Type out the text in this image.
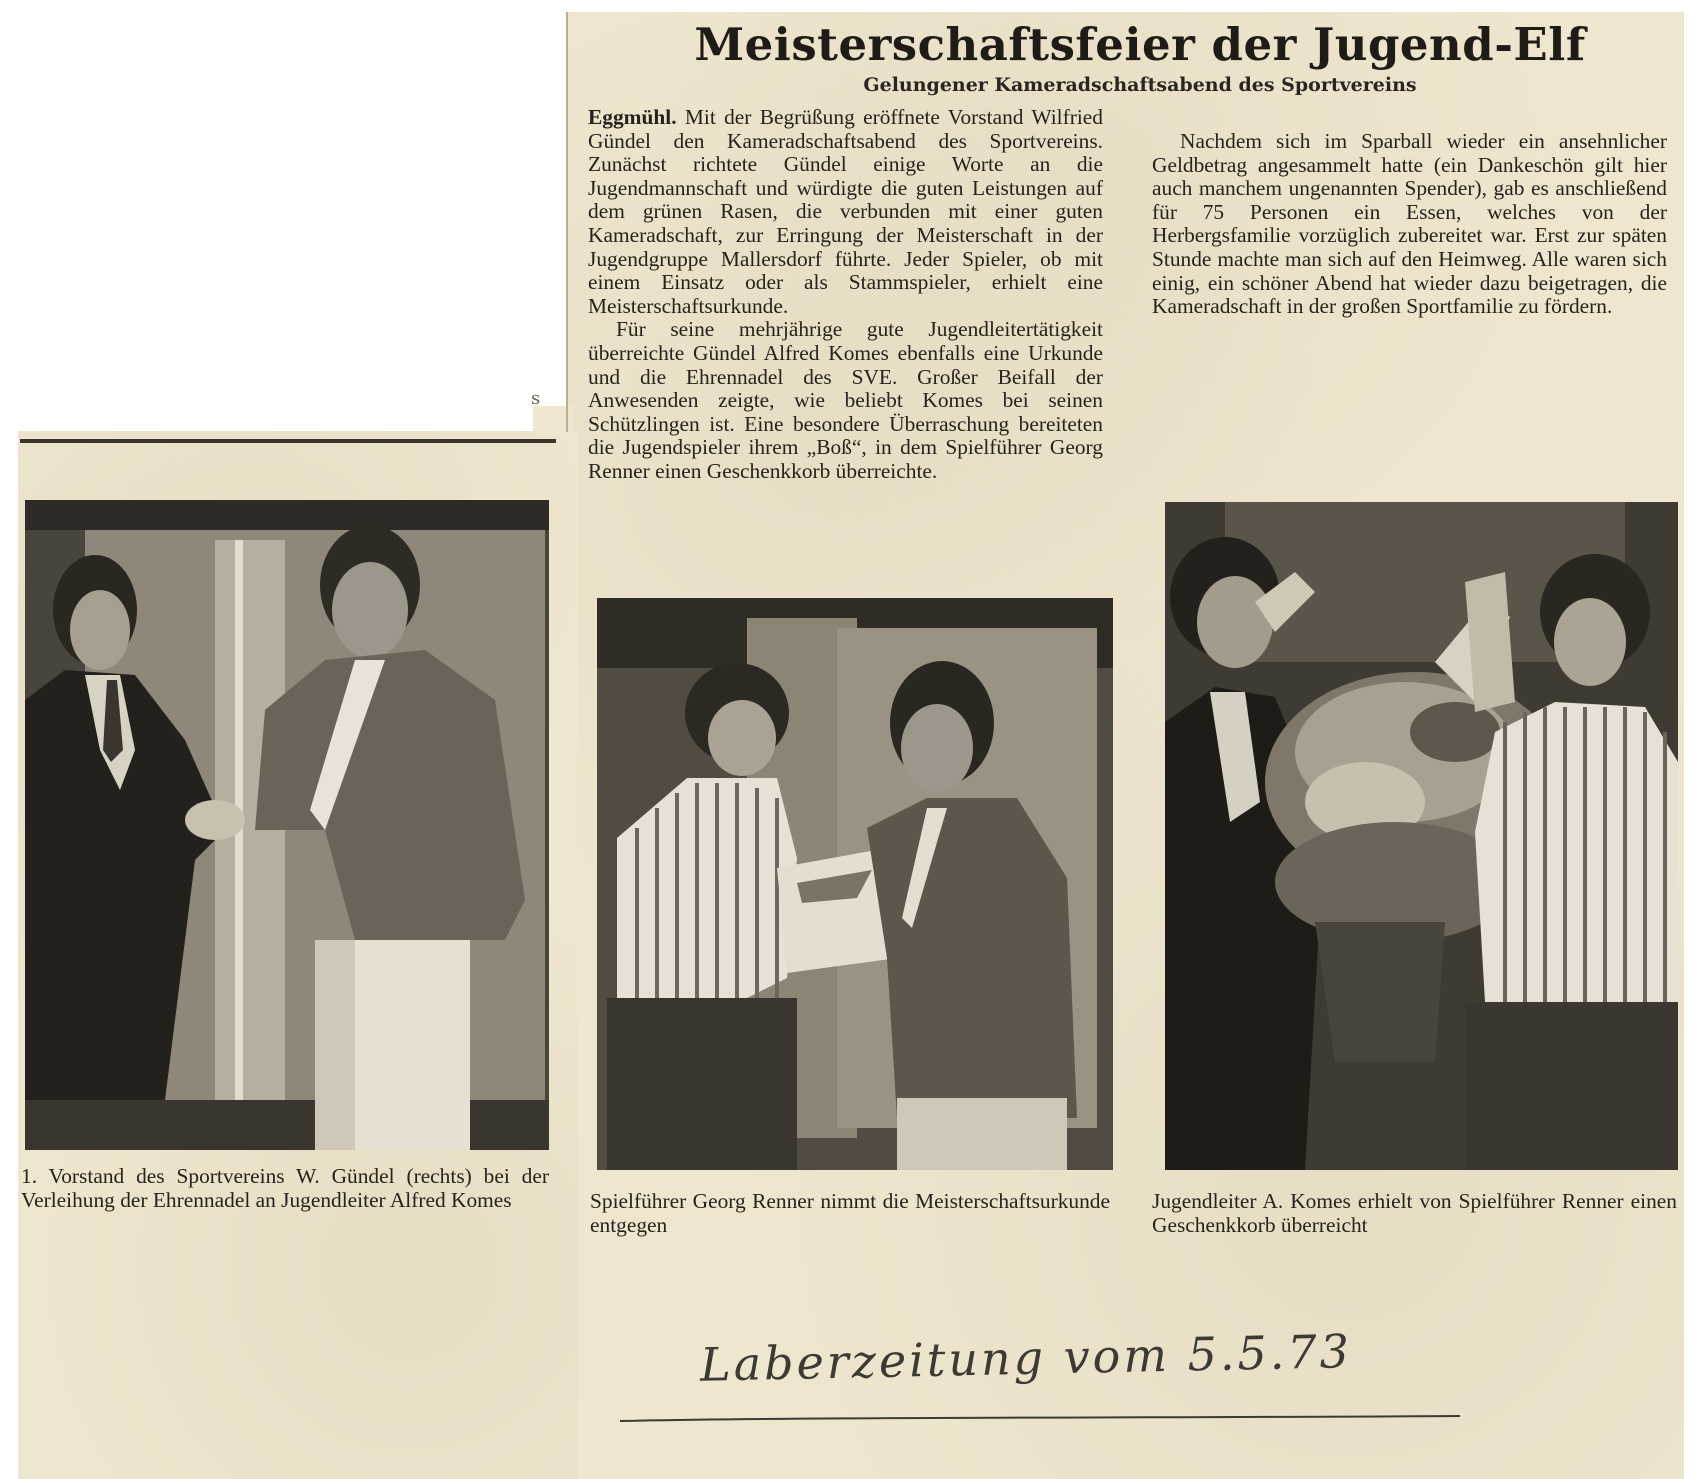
s
Meisterschaftsfeier der Jugend-Elf
Gelungener Kameradschaftsabend des Sportvereins

Eggmühl. Mit der Begrüßung eröffnete Vorstand Wilfried Gündel den Kameradschaftsabend des Sportvereins. Zunächst richtete Gündel einige Worte an die Jugendmannschaft und würdigte die guten Leistungen auf dem grünen Rasen, die verbunden mit einer guten Kameradschaft, zur Erringung der Meisterschaft in der Jugendgruppe Mallersdorf führte. Jeder Spieler, ob mit einem Einsatz oder als Stammspieler, erhielt eine Meisterschaftsurkunde.

Für seine mehrjährige gute Jugendleitertätigkeit überreichte Gündel Alfred Komes ebenfalls eine Urkunde und die Ehrennadel des SVE. Großer Beifall der Anwesenden zeigte, wie beliebt Komes bei seinen Schützlingen ist. Eine besondere Überraschung bereiteten die Jugendspieler ihrem „Boß“, in dem Spielführer Georg Renner einen Geschenkkorb überreichte.

Nachdem sich im Sparball wieder ein ansehnlicher Geldbetrag angesammelt hatte (ein Dankeschön gilt hier auch manchem ungenannten Spender), gab es anschließend für 75 Personen ein Essen, welches von der Herbergsfamilie vorzüglich zubereitet war. Erst zur späten Stunde machte man sich auf den Heimweg. Alle waren sich einig, ein schöner Abend hat wieder dazu beigetragen, die Kameradschaft in der großen Sportfamilie zu fördern.

1. Vorstand des Sportvereins W. Gündel (rechts) bei der Verleihung der Ehrennadel an Jugendleiter Alfred Komes	Spielführer Georg Renner nimmt die Meisterschaftsurkunde entgegen
Jugendleiter A. Komes erhielt von Spielführer Renner einen Geschenkkorb überreicht
Laberzeitung vom 5.5.73
